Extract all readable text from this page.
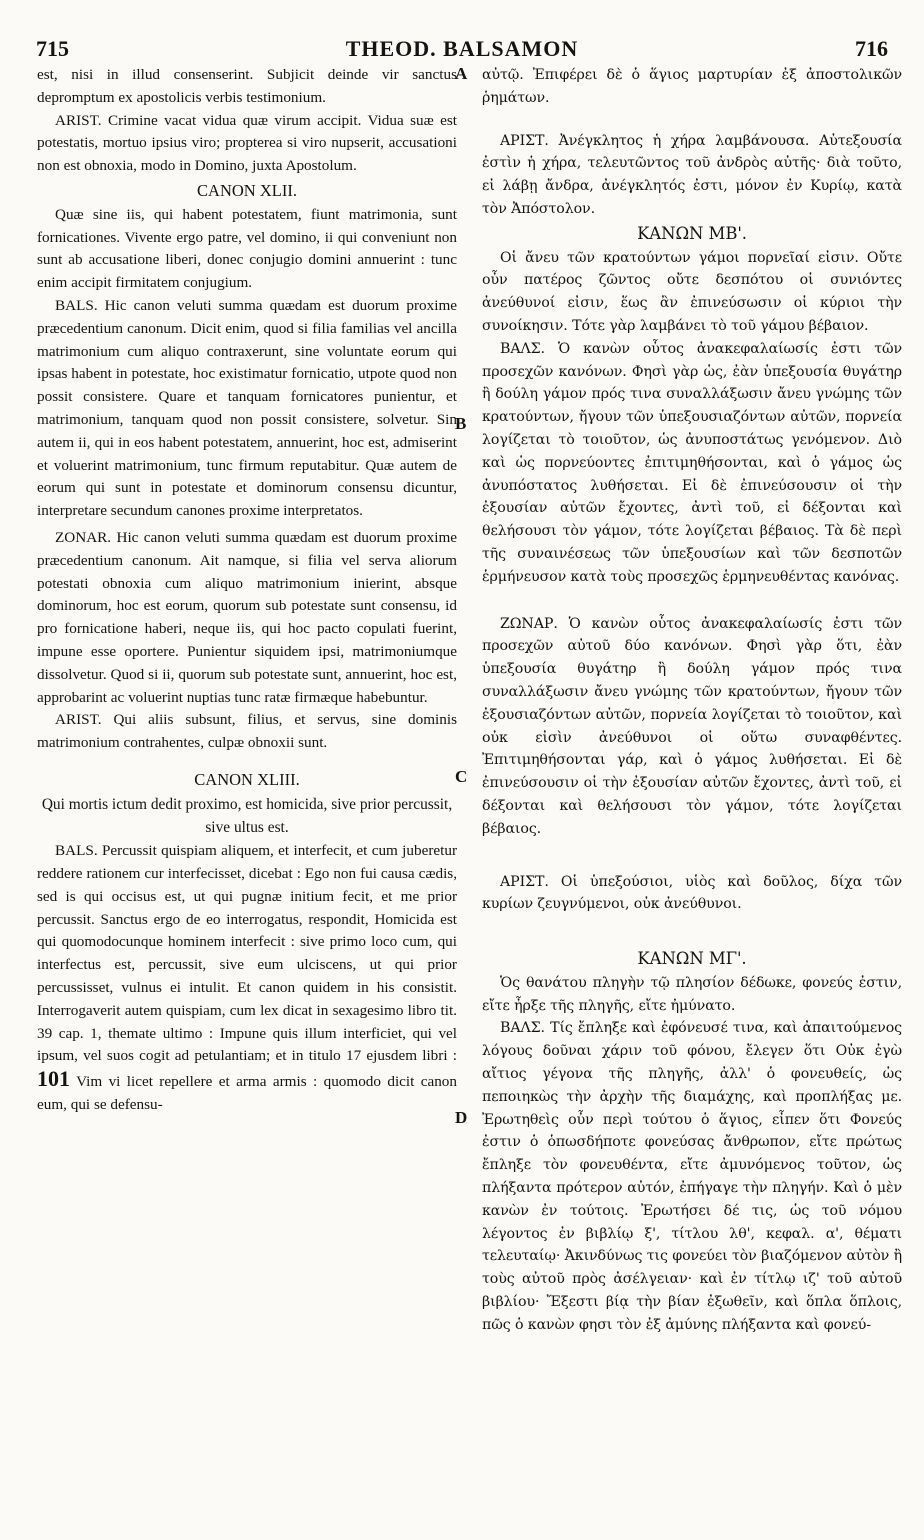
715	THEOD. BALSAMON	716
A
B
C
D

est, nisi in illud consenserint. Subjicit deinde vir sanctus depromptum ex apostolicis verbis testimonium.

ARIST. Crimine vacat vidua quæ virum accipit. Vidua suæ est potestatis, mortuo ipsius viro; propterea si viro nupserit, accusationi non est obnoxia, modo in Domino, juxta Apostolum.

CANON XLII.

Quæ sine iis, qui habent potestatem, fiunt matrimonia, sunt fornicationes. Vivente ergo patre, vel domino, ii qui conveniunt non sunt ab accusatione liberi, donec conjugio domini annuerint : tunc enim accipit firmitatem conjugium.

BALS. Hic canon veluti summa quædam est duorum proxime præcedentium canonum. Dicit enim, quod si filia familias vel ancilla matrimonium cum aliquo contraxerunt, sine voluntate eorum qui ipsas habent in potestate, hoc existimatur fornicatio, utpote quod non possit consistere. Quare et tanquam fornicatores punientur, et matrimonium, tanquam quod non possit consistere, solvetur. Sin autem ii, qui in eos habent potestatem, annuerint, hoc est, admiserint et voluerint matrimonium, tunc firmum reputabitur. Quæ autem de eorum qui sunt in potestate et dominorum consensu dicuntur, interpretare secundum canones proxime interpretatos.

ZONAR. Hic canon veluti summa quædam est duorum proxime præcedentium canonum. Ait namque, si filia vel serva aliorum potestati obnoxia cum aliquo matrimonium inierint, absque dominorum, hoc est eorum, quorum sub potestate sunt consensu, id pro fornicatione haberi, neque iis, qui hoc pacto copulati fuerint, impune esse oportere. Punientur siquidem ipsi, matrimoniumque dissolvetur. Quod si ii, quorum sub potestate sunt, annuerint, hoc est, approbarint ac voluerint nuptias tunc ratæ firmæque habebuntur.

ARIST. Qui aliis subsunt, filius, et servus, sine dominis matrimonium contrahentes, culpæ obnoxii sunt.

CANON XLIII.

Qui mortis ictum dedit proximo, est homicida, sive prior percussit, sive ultus est.

BALS. Percussit quispiam aliquem, et interfecit, et cum juberetur reddere rationem cur interfecisset, dicebat : Ego non fui causa cædis, sed is qui occisus est, ut qui pugnæ initium fecit, et me prior percussit. Sanctus ergo de eo interrogatus, respondit, Homicida est qui quomodocunque hominem interfecit : sive primo loco cum, qui interfectus est, percussit, sive eum ulciscens, ut qui prior percussisset, vulnus ei intulit. Et canon quidem in his consistit. Interrogaverit autem quispiam, cum lex dicat in sexagesimo libro tit. 39 cap. 1, themate ultimo : Impune quis illum interficiet, qui vel ipsum, vel suos cogit ad petulantiam; et in titulo 17 ejusdem libri : 101 Vim vi licet repellere et arma armis : quomodo dicit canon eum, qui se defensu-

αὐτῷ. Ἐπιφέρει δὲ ὁ ἅγιος μαρτυρίαν ἐξ ἀποστολικῶν ῥημάτων.

ΑΡΙΣΤ. Ἀνέγκλητος ἡ χήρα λαμβάνουσα. Αὐτεξουσία ἐστὶν ἡ χήρα, τελευτῶντος τοῦ ἀνδρὸς αὐτῆς· διὰ τοῦτο, εἰ λάβῃ ἄνδρα, ἀνέγκλητός ἐστι, μόνον ἐν Κυρίῳ, κατὰ τὸν Ἀπόστολον.

ΚΑΝΩΝ ΜΒ'.

Οἱ ἄνευ τῶν κρατούντων γάμοι πορνεῖαί εἰσιν. Οὔτε οὖν πατέρος ζῶντος οὔτε δεσπότου οἱ συνιόντες ἀνεύθυνοί εἰσιν, ἕως ἂν ἐπινεύσωσιν οἱ κύριοι τὴν συνοίκησιν. Τότε γὰρ λαμβάνει τὸ τοῦ γάμου βέβαιον.

ΒΑΛΣ. Ὁ κανὼν οὗτος ἀνακεφαλαίωσίς ἐστι τῶν προσεχῶν κανόνων. Φησὶ γὰρ ὡς, ἐὰν ὑπεξουσία θυγάτηρ ἢ δούλη γάμον πρός τινα συναλλάξωσιν ἄνευ γνώμης τῶν κρατούντων, ἤγουν τῶν ὑπεξουσιαζόντων αὐτῶν, πορνεία λογίζεται τὸ τοιοῦτον, ὡς ἀνυποστάτως γενόμενον. Διὸ καὶ ὡς πορνεύοντες ἐπιτιμηθήσονται, καὶ ὁ γάμος ὡς ἀνυπόστατος λυθήσεται. Εἰ δὲ ἐπινεύσουσιν οἱ τὴν ἐξουσίαν αὐτῶν ἔχοντες, ἀντὶ τοῦ, εἰ δέξονται καὶ θελήσουσι τὸν γάμον, τότε λογίζεται βέβαιος. Τὰ δὲ περὶ τῆς συναινέσεως τῶν ὑπεξουσίων καὶ τῶν δεσποτῶν ἑρμήνευσον κατὰ τοὺς προσεχῶς ἑρμηνευθέντας κανόνας.

ΖΩΝΑΡ. Ὁ κανὼν οὗτος ἀνακεφαλαίωσίς ἐστι τῶν προσεχῶν αὐτοῦ δύο κανόνων. Φησὶ γὰρ ὅτι, ἐὰν ὑπεξουσία θυγάτηρ ἢ δούλη γάμον πρός τινα συναλλάξωσιν ἄνευ γνώμης τῶν κρατούντων, ἤγουν τῶν ἐξουσιαζόντων αὐτῶν, πορνεία λογίζεται τὸ τοιοῦτον, καὶ οὐκ εἰσὶν ἀνεύθυνοι οἱ οὕτω συναφθέντες. Ἐπιτιμηθήσονται γάρ, καὶ ὁ γάμος λυθήσεται. Εἰ δὲ ἐπινεύσουσιν οἱ τὴν ἐξουσίαν αὐτῶν ἔχοντες, ἀντὶ τοῦ, εἰ δέξονται καὶ θελήσουσι τὸν γάμον, τότε λογίζεται βέβαιος.

ΑΡΙΣΤ. Οἱ ὑπεξούσιοι, υἱὸς καὶ δοῦλος, δίχα τῶν κυρίων ζευγνύμενοι, οὐκ ἀνεύθυνοι.

ΚΑΝΩΝ ΜΓ'.

Ὁς θανάτου πληγὴν τῷ πλησίον δέδωκε, φονεύς ἐστιν, εἴτε ἦρξε τῆς πληγῆς, εἴτε ἠμύνατο.

ΒΑΛΣ. Τίς ἔπληξε καὶ ἐφόνευσέ τινα, καὶ ἀπαιτούμενος λόγους δοῦναι χάριν τοῦ φόνου, ἔλεγεν ὅτι Οὐκ ἐγὼ αἴτιος γέγονα τῆς πληγῆς, ἀλλ' ὁ φονευθείς, ὡς πεποιηκὼς τὴν ἀρχὴν τῆς διαμάχης, καὶ προπλήξας με. Ἐρωτηθεὶς οὖν περὶ τούτου ὁ ἅγιος, εἶπεν ὅτι Φονεύς ἐστιν ὁ ὁπωσδήποτε φονεύσας ἄνθρωπον, εἴτε πρώτως ἔπληξε τὸν φονευθέντα, εἴτε ἀμυνόμενος τοῦτον, ὡς πλήξαντα πρότερον αὐτόν, ἐπήγαγε τὴν πληγήν. Καὶ ὁ μὲν κανὼν ἐν τούτοις. Ἐρωτήσει δέ τις, ὡς τοῦ νόμου λέγοντος ἐν βιβλίῳ ξ', τίτλου λθ', κεφαλ. α', θέματι τελευταίῳ· Ἀκινδύνως τις φονεύει τὸν βιαζόμενον αὐτὸν ἢ τοὺς αὐτοῦ πρὸς ἀσέλγειαν· καὶ ἐν τίτλῳ ιζ' τοῦ αὐτοῦ βιβλίου· Ἔξεστι βίᾳ τὴν βίαν ἐξωθεῖν, καὶ ὅπλα ὅπλοις, πῶς ὁ κανὼν φησι τὸν ἐξ ἀμύνης πλήξαντα καὶ φονεύ-
